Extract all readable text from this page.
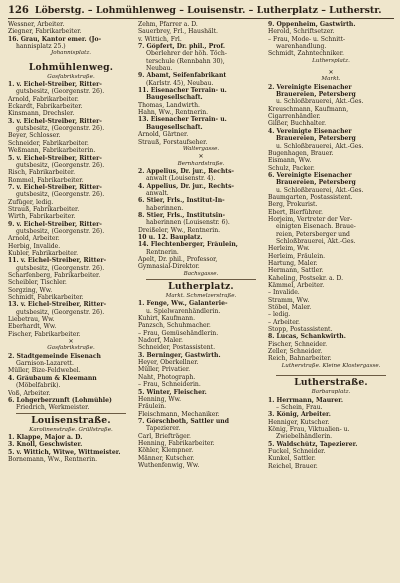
126 Löberstg. – Lohmühlenweg – Louisenstr. – Lutherplatz – Lutherstr.
Wessner, Arbeiter.
Ziegner, Fabrikarbeiter.
16. Grau, Kantor emer. (Jo-
hannisplatz 25.)
Johannisplatz.
Lohmühlenweg.
Gasfabrikstraße.
1. v. Eichel-Streiber, Ritter-
gutsbesitz, (Georgenstr. 26).
Arnold, Fabrikarbeiter.
Eckardt, Fabrikarbeiter.
Kinsmann, Drechsler.
3. v. Eichel-Streiber, Ritter-
gutsbesitz, (Georgenstr. 26).
Beyer, Schlosser.
Schneider, Fabrikarbeiter.
Weßmann, Fabrikarbeiterin.
5. v. Eichel-Streiber, Ritter-
gutsbesitz, (Georgenstr. 26).
Risch, Fabrikarbeiter.
Rommel, Fabrikarbeiter.
7. v. Eichel-Streiber, Ritter-
gutsbesitz, (Georgenstr. 26).
Zufüger, ledig.
Strauß, Fabrikarbeiter.
Wirth, Fabrikarbeiter.
9. v. Eichel-Streiber, Ritter-
gutsbesitz, (Georgenstr. 26).
Arnold, Arbeiter.
Herbig, Invalide.
Kubler, Fabrikarbeiter.
11. v. Eichel-Streiber, Ritter-
gutsbesitz, (Georgenstr. 26).
Scharfenberg, Fabrikarbeiter.
Scheibler, Tischler.
Sorgzing, Ww.
Schmidt, Fabrikarbeiter.
13. v. Eichel-Streiber, Ritter-
gutsbesitz, (Georgenstr. 26).
Liebetrau, Ww.
Eberhardt, Ww.
Fischer, Fabrikarbeiter.
✕
Gasfabrikstraße.
2. Stadtgemeinde Eisenach
Garnison-Lazarett.
Müller, Bize-Feldwebel.
4. Gräubaum & Kleemann
(Möbelfabrik).
Voß, Arbeiter.
6. Lohgerberzunft (Lohmühle)
Friedrich, Werkmeister.
Louisenstraße.
Karolinenstraße. Grüllstraße.
1. Klappe, Major a. D.
3. Knoll, Geschwister.
5. v. Wittich, Witwe, Wittmeister.
Bornemann, Ww., Rentnerin.
Zehm, Pfarrer a. D.
Sauerbrey, Frl., Haushält.
v. Wittich, Frl.
7. Göpfert, Dr. phil., Prof.
Oberlehrer der höh. Töch-
terschule (Rennbahn 30),
Neubau.
9. Abamt, Seifenfabrikant
(Karlstr. 45), Neubau.
11. Eisenacher Terrain- u.
Baugesellschaft.
Thomas, Landwirth.
Hahn, Ww., Rentnerin.
13. Eisenacher Terrain- u.
Baugesellschaft.
Arnold, Gärtner.
Strauß, Forstaufseher.
Waltergasse.
✕
Bernhardstraße.
2. Appelius, Dr. jur., Rechts-
anwalt (Louisenstr. 4).
4. Appelius, Dr. jur., Rechts-
anwalt.
6. Stier, Frls., Institut-In-
haberinnen.
8. Stier, Frls., Institutsin-
haberinnen (Louisenstr. 6).
Dreißeler, Ww., Rentnerin.
10 u. 12. Bauplatz.
14. Flechtenberger, Fräulein,
Rentnerin.
Apelt, Dr. phil., Professor,
Gymnasial-Direktor.
Bachsgasse.
Lutherplatz.
Markt. Schmelzerstraße.
1. Fenge, Ww., Galanterie-
u. Spielwarenhändlerin.
Kuhirt, Kaufmann.
Panzsch, Schuhmacher.
– Frau, Gemüsehändlerin.
Nadorf, Maler.
Schneider, Postassistent.
3. Berninger, Gastwirth.
Heyer, Oberkellner.
Müller, Privatier.
Naht, Photograph.
– Frau, Schneiderin.
5. Winter, Fleischer.
Henning, Ww.
Fräulein.
Fleischmann, Mechaniker.
7. Görschboth, Sattler und
Tapezierer.
Carl, Briefträger.
Henning, Fabrikarbeiter.
Köhler, Klempner.
Männer, Kutscher.
Wuthenfenwig, Ww.
9. Oppenheim, Gastwirth.
Herold, Schriftsetzer.
– Frau, Mode- u. Schnitt-
warenhandlung.
Schmidt, Zahntechniker.
Luthersplatz.
✕
Markt.
2. Vereinigte Eisenacher
Brauereien, Petersberg
u. Schloßbrauerei, Akt.-Ges.
Kreuschmann, Kaufmann,
Cigarrenhändler.
Gilßer, Buchhalter.
4. Vereinigte Eisenacher
Brauereien, Petersberg
u. Schloßbrauerei, Akt.-Ges.
Bugenhagen, Brauer.
Eismann, Ww.
Schulz, Packer.
6. Vereinigte Eisenacher
Brauereien, Petersberg
u. Schloßbrauerei, Akt.-Ges.
Baumgarten, Postassistent.
Berg, Prokurist.
Ebert, Bierführer.
Horjeim, Vertreter der Ver-
einigten Eisenach. Braue-
reien, Petersberger und
Schloßbrauerei, Akt.-Ges.
Herleim, Ww.
Herleim, Fräulein.
Hartung, Maler.
Hermann, Sattler.
Kaheling, Postsekr. a. D.
Kämmel, Arbeiter.
– Invalide.
Stramm, Ww.
Stöbel, Maler.
– ledig.
– Arbeiter.
Stopp, Postassistent.
8. Lucas, Schankwirth.
Fischer, Schneider.
Zeller, Schneider.
Reich, Bahnarbeiter.
Lutherstraße. Kleine Klostergasse.
Lutherstraße.
Barbaraplatz.
1. Herrmann, Maurer.
– Schein, Frau.
3. König, Arbeiter.
Henniger, Kutscher.
König, Frau, Viktualien- u.
Zwiebelhändlerin.
5. Waldschütz, Tapezierer.
Fuckel, Schneider.
Kunkel, Sattler.
Reichel, Brauer.
